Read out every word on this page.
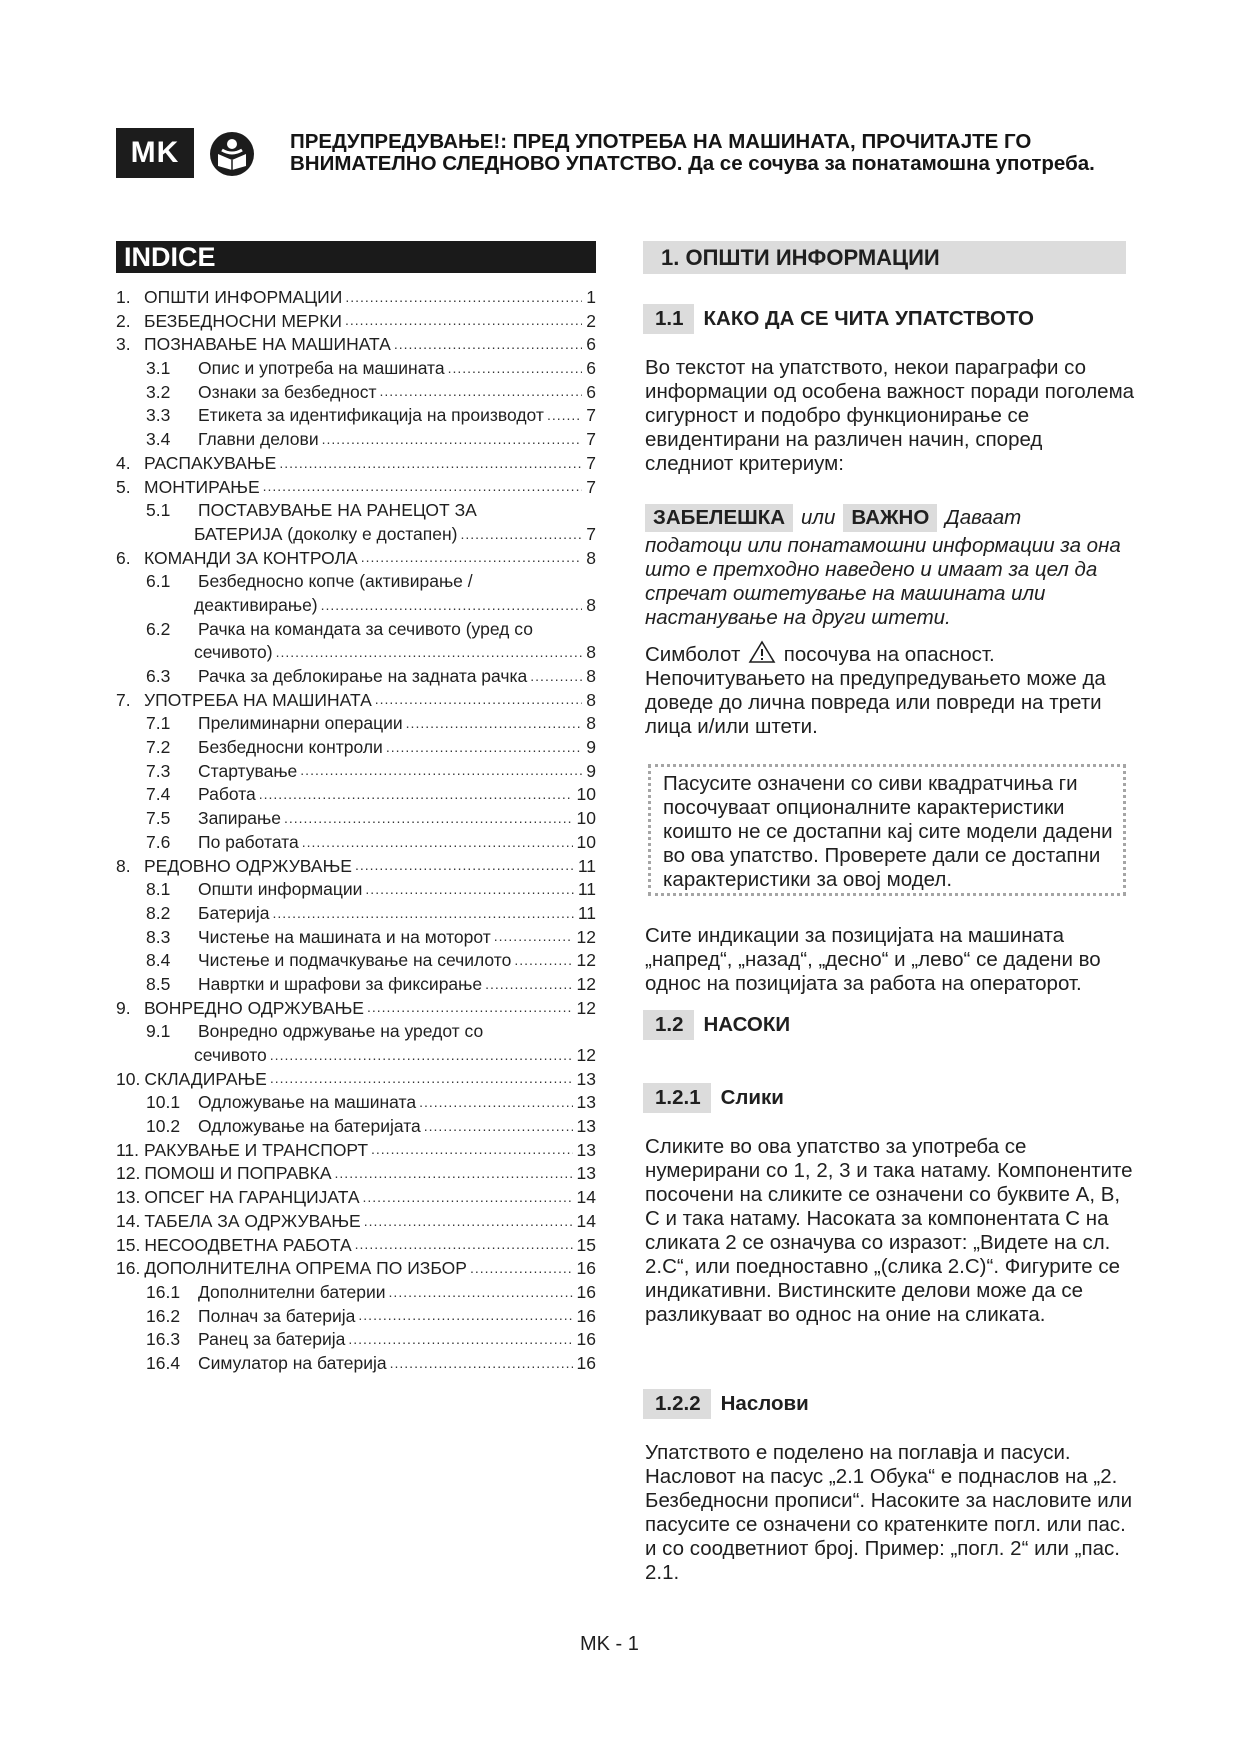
MK	ПРЕДУПРЕДУВАЊЕ!: ПРЕД УПОТРЕБА НА МАШИНАТА, ПРОЧИТАЈТЕ ГО
ВНИМАТЕЛНО СЛЕДНОВО УПАТСТВО. Да се сочува за понатамошна употреба.
INDICE
1. ОПШТИ ИНФОРМАЦИИ .....	1
2. БЕЗБЕДНОСНИ МЕРКИ .....	2
3. ПОЗНАВАЊЕ НА МАШИНАТА .....	6
3.1	Опис и употреба на машината .....	6
3.2	Ознаки за безбедност .....	6
3.3	Етикета за идентификација на производот ..... 7
3.4	Главни делови .....	7
4. РАСПАКУВАЊЕ .....	7
5. МОНТИРАЊЕ .....	7
5.1	ПОСТАВУВАЊЕ НА РАНЕЦОТ ЗА
БАТЕРИЈА (доколку е достапен) .....	7
6. КОМАНДИ ЗА КОНТРОЛА .....	8
6.1	Безбедносно копче (активирање /
деактивирање) .....	8
6.2	Рачка на командата за сечивото (уред со
сечивото) .....	8
6.3	Рачка за деблокирање на задната рачка .....	8
7. УПОТРЕБА НА МАШИНАТА .....	8
7.1	Прелиминарни операции .....	8
7.2	Безбедносни контроли .....	9
7.3	Стартување .....	9
7.4	Работа .....	10
7.5	Запирање .....	10
7.6	По работата .....	10
8. РЕДОВНО ОДРЖУВАЊЕ .....	11
8.1	Општи информации .....	11
8.2	Батерија .....	11
8.3	Чистење на машината и на моторот .....	12
8.4	Чистење и подмачкување на сечилото .....	12
8.5	Навртки и шрафови за фиксирање .....	12
9. ВОНРЕДНО ОДРЖУВАЊЕ .....	12
9.1	Вонредно одржување на уредот со
сечивото .....	12
10. СКЛАДИРАЊЕ .....	13
10.1	Одложување на машината .....	13
10.2	Одложување на батеријата .....	13
11. РАКУВАЊЕ И ТРАНСПОРТ .....	13
12. ПОМОШ И ПОПРАВКА .....	13
13. ОПСЕГ НА ГАРАНЦИЈАТА .....	14
14. ТАБЕЛА ЗА ОДРЖУВАЊЕ .....	14
15. НЕСООДВЕТНА РАБОТА .....	15
16. ДОПОЛНИТЕЛНА ОПРЕМА ПО ИЗБОР .....	16
16.1	Дополнителни батерии .....	16
16.2	Полнач за батерија .....	16
16.3	Ранец за батерија .....	16
16.4	Симулатор на батерија .....	16
1. ОПШТИ ИНФОРМАЦИИ
1.1 КАКО ДА СЕ ЧИТА УПАТСТВОТО
Во текстот на упатството, некои параграфи со информации од особена важност поради поголема сигурност и подобро функционирање се евидентирани на различен начин, според следниот критериум:
ЗАБЕЛЕШКА или ВАЖНО Даваат
податоци или понатамошни информации за она што е претходно наведено и имаат за цел да спречат оштетување на машината или настанување на други штети.
Симболот посочува на опасност. Непочитувањето на предупредувањето може да доведе до лична повреда или повреди на трети лица и/или штети.
Пасусите означени со сиви квадратчиња ги посочуваат опционалните карактеристики коишто не се достапни кај сите модели дадени во ова упатство. Проверете дали се достапни карактеристики за овој модел.
Сите индикации за позицијата на машината „напред“, „назад“, „десно“ и „лево“ се дадени во однос на позицијата за работа на операторот.
1.2 НАСОКИ
1.2.1 Слики
Сликите во ова упатство за употреба се нумерирани со 1, 2, 3 и така натаму. Компонентите посочени на сликите се означени со буквите A, B, C и така натаму. Насоката за компонентата C на сликата 2 се означува со изразот: „Видете на сл. 2.C“, или поедноставно „(слика 2.C)“. Фигурите се индикативни. Вистинските делови може да се разликуваат во однос на оние на сликата.
1.2.2 Наслови
Упатството е поделено на поглавја и пасуси. Насловот на пасус „2.1 Обука“ е поднаслов на „2. Безбедносни прописи“. Насоките за насловите или пасусите се означени со кратенките погл. или пас. и со соодветниот број. Пример: „погл. 2“ или „пас. 2.1.
MK - 1
